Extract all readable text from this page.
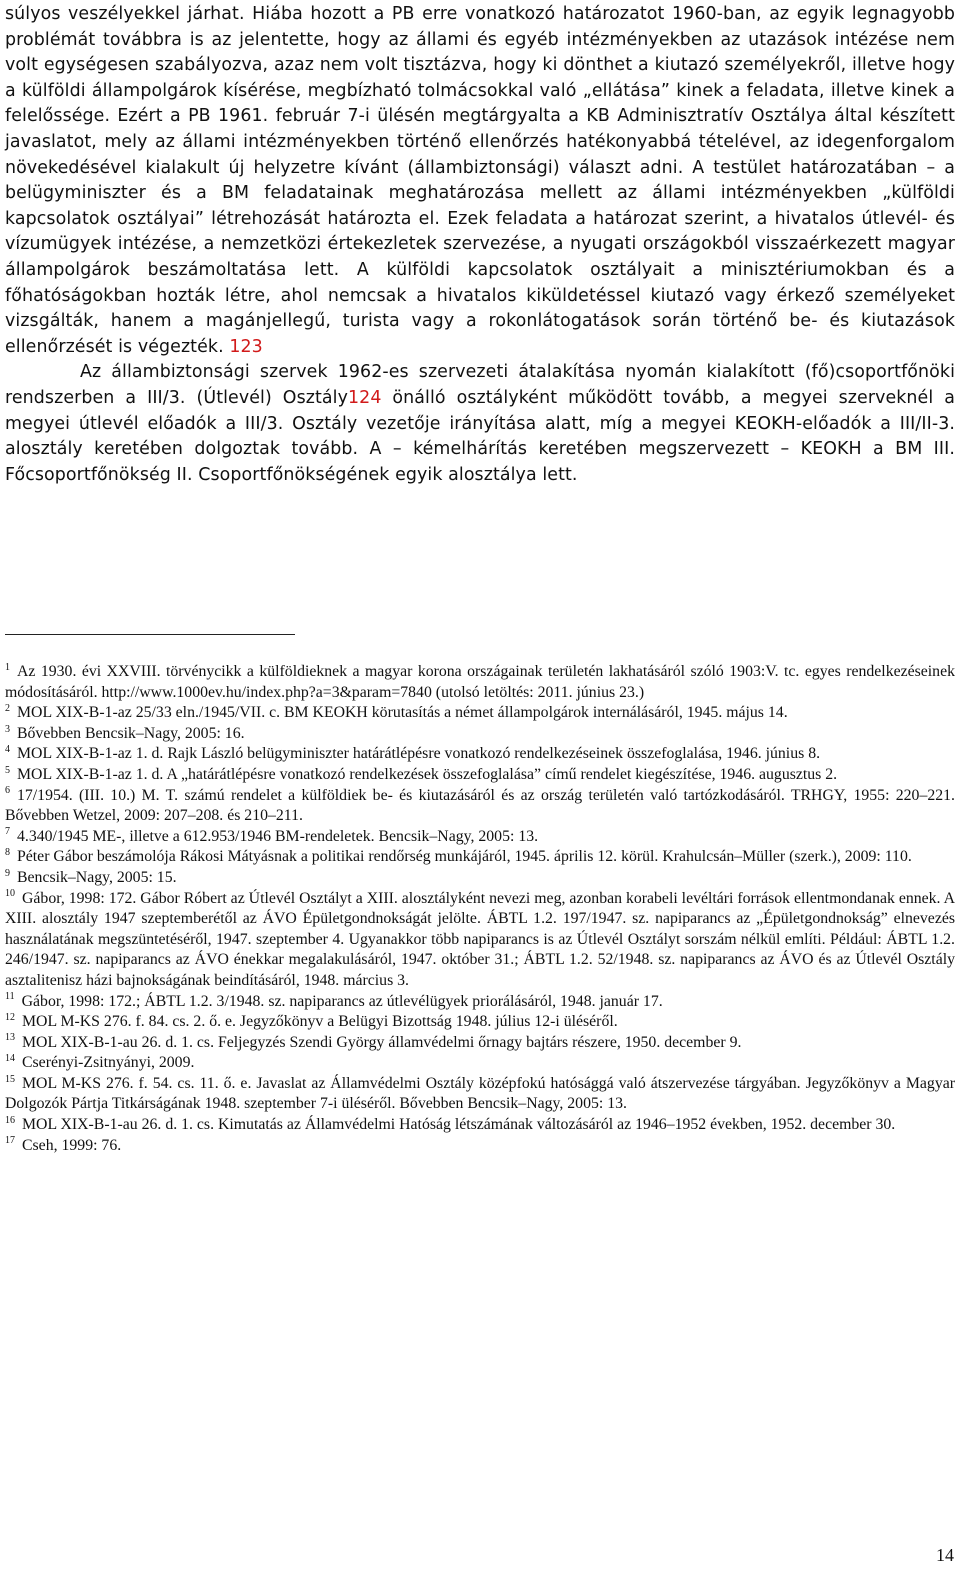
súlyos veszélyekkel járhat. Hiába hozott a PB erre vonatkozó határozatot 1960-ban, az egyik legnagyobb problémát továbbra is az jelentette, hogy az állami és egyéb intézményekben az utazások intézése nem volt egységesen szabályozva, azaz nem volt tisztázva, hogy ki dönthet a kiutazó személyekről, illetve hogy a külföldi állampolgárok kísérése, megbízható tolmácsokkal való „ellátása” kinek a feladata, illetve kinek a felelőssége. Ezért a PB 1961. február 7-i ülésén megtárgyalta a KB Adminisztratív Osztálya által készített javaslatot, mely az állami intézményekben történő ellenőrzés hatékonyabbá tételével, az idegenforgalom növekedésével kialakult új helyzetre kívánt (állambiztonsági) választ adni. A testület határozatában – a belügyminiszter és a BM feladatainak meghatározása mellett az állami intézményekben „külföldi kapcsolatok osztályai” létrehozását határozta el. Ezek feladata a határozat szerint, a hivatalos útlevél- és vízumügyek intézése, a nemzetközi értekezletek szervezése, a nyugati országokból visszaérkezett magyar állampolgárok beszámoltatása lett. A külföldi kapcsolatok osztályait a minisztériumokban és a főhatóságokban hozták létre, ahol nemcsak a hivatalos kiküldetéssel kiutazó vagy érkező személyeket vizsgálták, hanem a magánjellegű, turista vagy a rokonlátogatások során történő be- és kiutazások ellenőrzését is végezték. 123

Az állambiztonsági szervek 1962-es szervezeti átalakítása nyomán kialakított (fő)csoportfőnöki rendszerben a III/3. (Útlevél) Osztály124 önálló osztályként működött tovább, a megyei szerveknél a megyei útlevél előadók a III/3. Osztály vezetője irányítása alatt, míg a megyei KEOKH-előadók a III/II-3. alosztály keretében dolgoztak tovább. A – kémelhárítás keretében megszervezett – KEOKH a BM III. Főcsoportfőnökség II. Csoportfőnökségének egyik alosztálya lett.

$^1$ Az 1930. évi XXVIII. törvénycikk a külföldieknek a magyar korona országainak területén lakhatásáról szóló 1903:V. tc. egyes rendelkezéseinek módosításáról. http://www.1000ev.hu/index.php?a=3&param=7840 (utolsó letöltés: 2011. június 23.)

$^2$ MOL XIX-B-1-az 25/33 eln./1945/VII. c. BM KEOKH körutasítás a német állampolgárok internálásáról, 1945. május 14.

$^3$ Bővebben Bencsik–Nagy, 2005: 16.

$^4$ MOL XIX-B-1-az 1. d. Rajk László belügyminiszter határátlépésre vonatkozó rendelkezéseinek összefoglalása, 1946. június 8.

$^5$ MOL XIX-B-1-az 1. d. A „határátlépésre vonatkozó rendelkezések összefoglalása” című rendelet kiegészítése, 1946. augusztus 2.

$^6$ 17/1954. (III. 10.) M. T. számú rendelet a külföldiek be- és kiutazásáról és az ország területén való tartózkodásáról. TRHGY, 1955: 220–221. Bővebben Wetzel, 2009: 207–208. és 210–211.

$^7$ 4.340/1945 ME-, illetve a 612.953/1946 BM-rendeletek. Bencsik–Nagy, 2005: 13.

$^8$ Péter Gábor beszámolója Rákosi Mátyásnak a politikai rendőrség munkájáról, 1945. április 12. körül. Krahulcsán–Müller (szerk.), 2009: 110.

$^9$ Bencsik–Nagy, 2005: 15.

$^{10}$ Gábor, 1998: 172. Gábor Róbert az Útlevél Osztályt a XIII. alosztályként nevezi meg, azonban korabeli levéltári források ellentmondanak ennek. A XIII. alosztály 1947 szeptemberétől az ÁVO Épületgondnokságát jelölte. ÁBTL 1.2. 197/1947. sz. napiparancs az „Épületgondnokság” elnevezés használatának megszüntetéséről, 1947. szeptember 4. Ugyanakkor több napiparancs is az Útlevél Osztályt sorszám nélkül említi. Például: ÁBTL 1.2. 246/1947. sz. napiparancs az ÁVO énekkar megalakulásáról, 1947. október 31.; ÁBTL 1.2. 52/1948. sz. napiparancs az ÁVO és az Útlevél Osztály asztalitenisz házi bajnokságának beindításáról, 1948. március 3.

$^{11}$ Gábor, 1998: 172.; ÁBTL 1.2. 3/1948. sz. napiparancs az útlevélügyek priorálásáról, 1948. január 17.

$^{12}$ MOL M-KS 276. f. 84. cs. 2. ő. e. Jegyzőkönyv a Belügyi Bizottság 1948. július 12-i üléséről.

$^{13}$ MOL XIX-B-1-au 26. d. 1. cs. Feljegyzés Szendi György államvédelmi őrnagy bajtárs részere, 1950. december 9.

$^{14}$ Cserényi-Zsitnyányi, 2009.

$^{15}$ MOL M-KS 276. f. 54. cs. 11. ő. e. Javaslat az Államvédelmi Osztály középfokú hatósággá való átszervezése tárgyában. Jegyzőkönyv a Magyar Dolgozók Pártja Titkárságának 1948. szeptember 7-i üléséről. Bővebben Bencsik–Nagy, 2005: 13.

$^{16}$ MOL XIX-B-1-au 26. d. 1. cs. Kimutatás az Államvédelmi Hatóság létszámának változásáról az 1946–1952 években, 1952. december 30.

$^{17}$ Cseh, 1999: 76.

14
